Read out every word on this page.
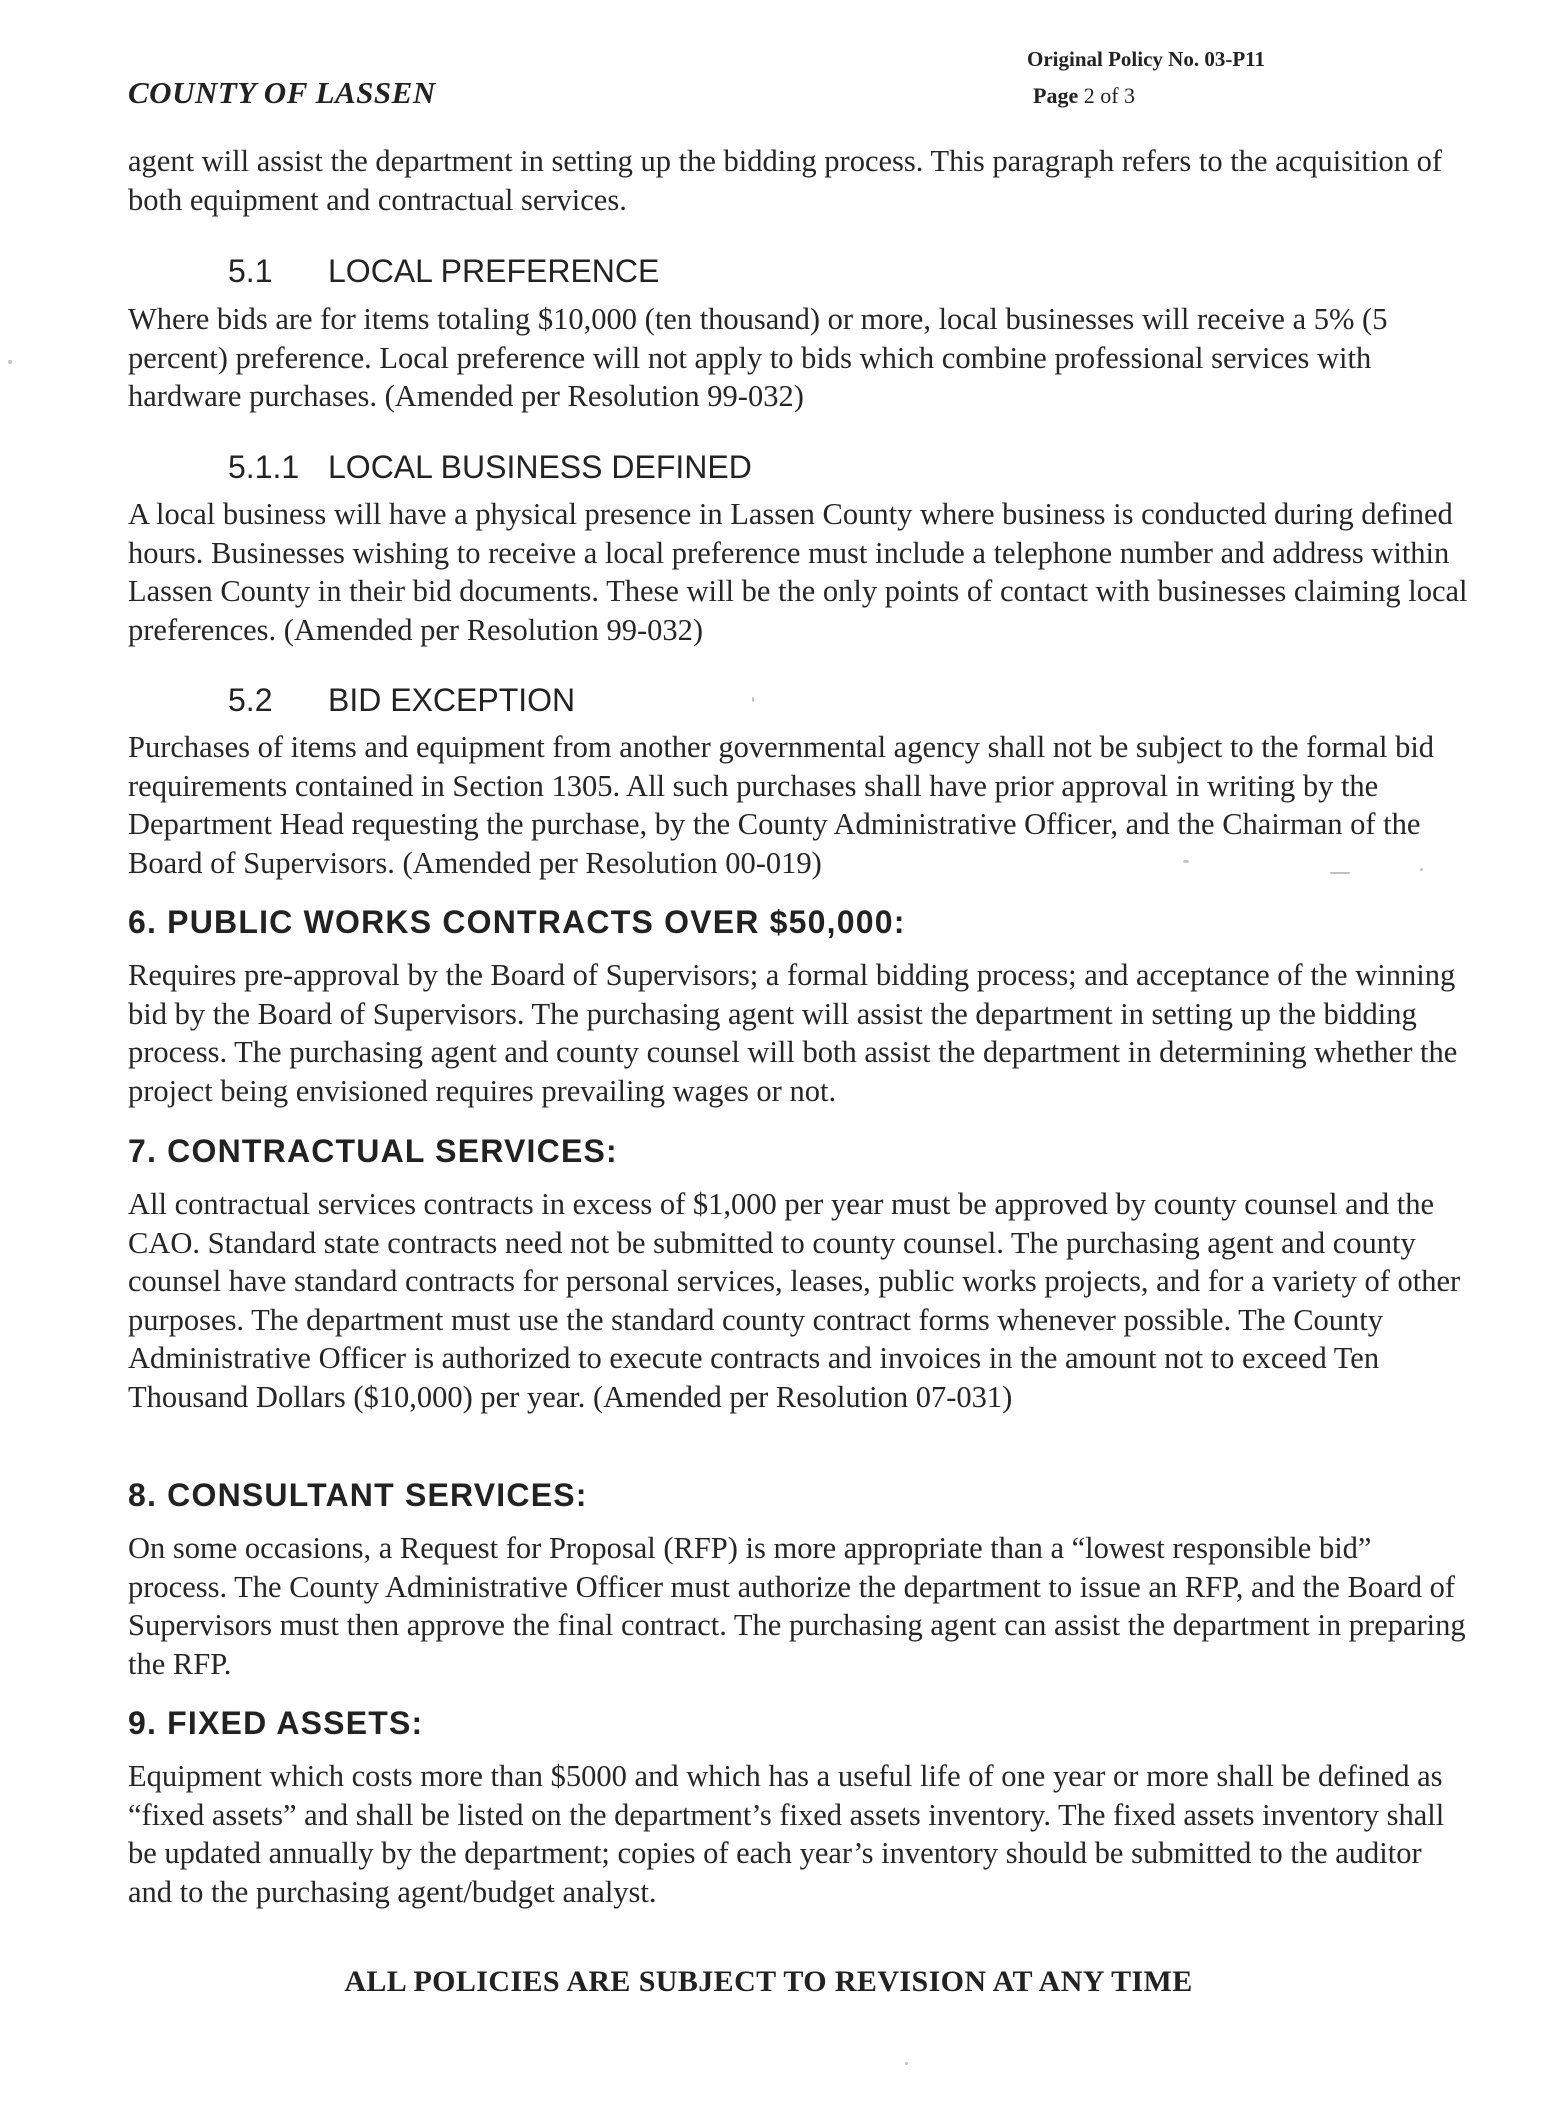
COUNTY OF LASSEN
Original Policy No. 03-P11
Page 2 of 3
agent will assist the department in setting up the bidding process. This paragraph refers to the acquisition of both equipment and contractual services.
5.1 LOCAL PREFERENCE
Where bids are for items totaling $10,000 (ten thousand) or more, local businesses will receive a 5% (5 percent) preference. Local preference will not apply to bids which combine professional services with hardware purchases. (Amended per Resolution 99-032)
5.1.1 LOCAL BUSINESS DEFINED
A local business will have a physical presence in Lassen County where business is conducted during defined hours. Businesses wishing to receive a local preference must include a telephone number and address within Lassen County in their bid documents. These will be the only points of contact with businesses claiming local preferences. (Amended per Resolution 99-032)
5.2 BID EXCEPTION
Purchases of items and equipment from another governmental agency shall not be subject to the formal bid requirements contained in Section 1305. All such purchases shall have prior approval in writing by the Department Head requesting the purchase, by the County Administrative Officer, and the Chairman of the Board of Supervisors. (Amended per Resolution 00-019)
6. PUBLIC WORKS CONTRACTS OVER $50,000:
Requires pre-approval by the Board of Supervisors; a formal bidding process; and acceptance of the winning bid by the Board of Supervisors. The purchasing agent will assist the department in setting up the bidding process. The purchasing agent and county counsel will both assist the department in determining whether the project being envisioned requires prevailing wages or not.
7. CONTRACTUAL SERVICES:
All contractual services contracts in excess of $1,000 per year must be approved by county counsel and the CAO. Standard state contracts need not be submitted to county counsel. The purchasing agent and county counsel have standard contracts for personal services, leases, public works projects, and for a variety of other purposes. The department must use the standard county contract forms whenever possible. The County Administrative Officer is authorized to execute contracts and invoices in the amount not to exceed Ten Thousand Dollars ($10,000) per year. (Amended per Resolution 07-031)
8. CONSULTANT SERVICES:
On some occasions, a Request for Proposal (RFP) is more appropriate than a “lowest responsible bid” process. The County Administrative Officer must authorize the department to issue an RFP, and the Board of Supervisors must then approve the final contract. The purchasing agent can assist the department in preparing the RFP.
9. FIXED ASSETS:
Equipment which costs more than $5000 and which has a useful life of one year or more shall be defined as “fixed assets” and shall be listed on the department’s fixed assets inventory. The fixed assets inventory shall be updated annually by the department; copies of each year’s inventory should be submitted to the auditor and to the purchasing agent/budget analyst.
ALL POLICIES ARE SUBJECT TO REVISION AT ANY TIME
